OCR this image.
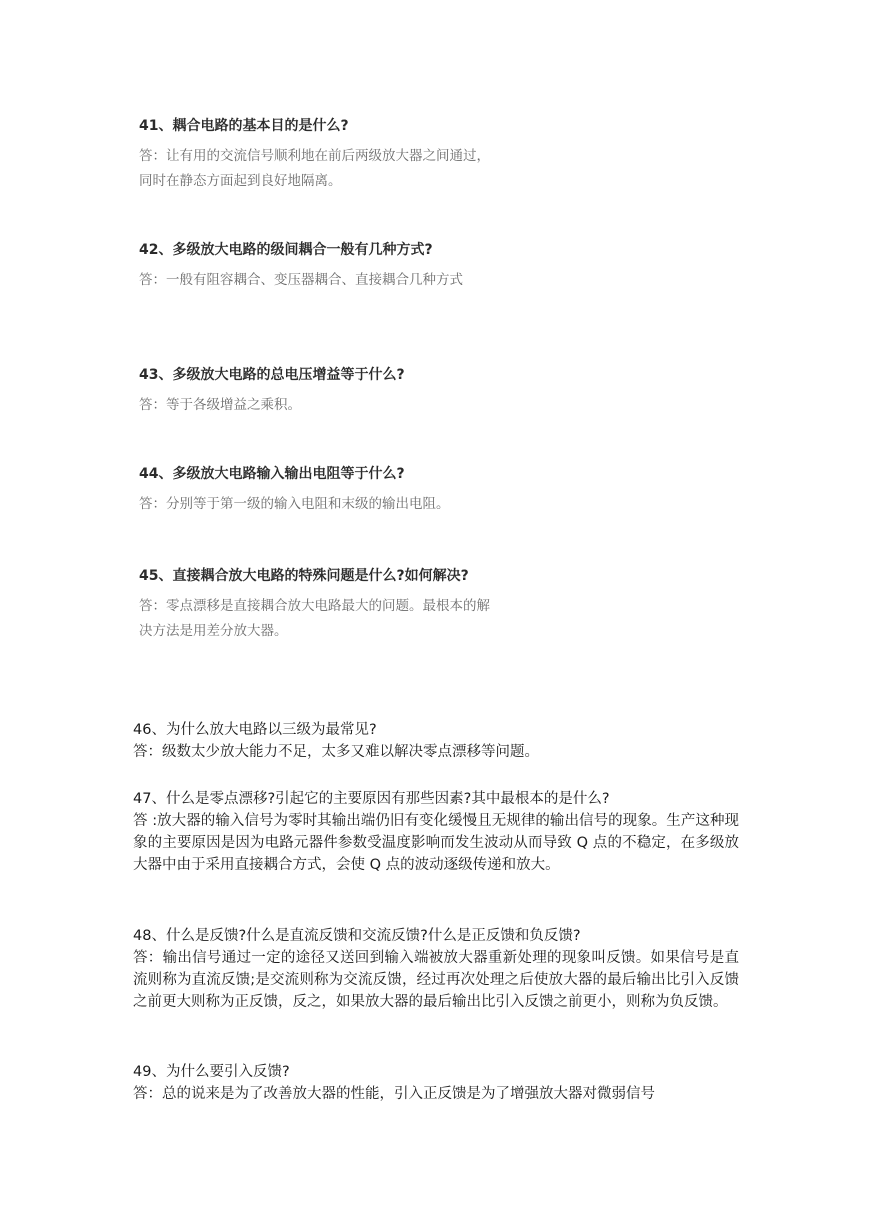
41、耦合电路的基本目的是什么?

答：让有用的交流信号顺利地在前后两级放大器之间通过，同时在静态方面起到良好地隔离。

42、多级放大电路的级间耦合一般有几种方式?

答：一般有阻容耦合、变压器耦合、直接耦合几种方式

43、多级放大电路的总电压增益等于什么?

答：等于各级增益之乘积。

44、多级放大电路输入输出电阻等于什么?

答：分别等于第一级的输入电阻和末级的输出电阻。

45、直接耦合放大电路的特殊问题是什么?如何解决?

答：零点漂移是直接耦合放大电路最大的问题。最根本的解决方法是用差分放大器。

46、为什么放大电路以三级为最常见?

答：级数太少放大能力不足，太多又难以解决零点漂移等问题。

47、什么是零点漂移?引起它的主要原因有那些因素?其中最根本的是什么?

答 :放大器的输入信号为零时其输出端仍旧有变化缓慢且无规律的输出信号的现象。生产这种现象的主要原因是因为电路元器件参数受温度影响而发生波动从而导致 Q 点的不稳定，在多级放大器中由于采用直接耦合方式，会使 Q 点的波动逐级传递和放大。

48、什么是反馈?什么是直流反馈和交流反馈?什么是正反馈和负反馈?

答：输出信号通过一定的途径又送回到输入端被放大器重新处理的现象叫反馈。如果信号是直流则称为直流反馈;是交流则称为交流反馈，经过再次处理之后使放大器的最后输出比引入反馈之前更大则称为正反馈，反之，如果放大器的最后输出比引入反馈之前更小，则称为负反馈。

49、为什么要引入反馈?

答：总的说来是为了改善放大器的性能，引入正反馈是为了增强放大器对微弱信号
